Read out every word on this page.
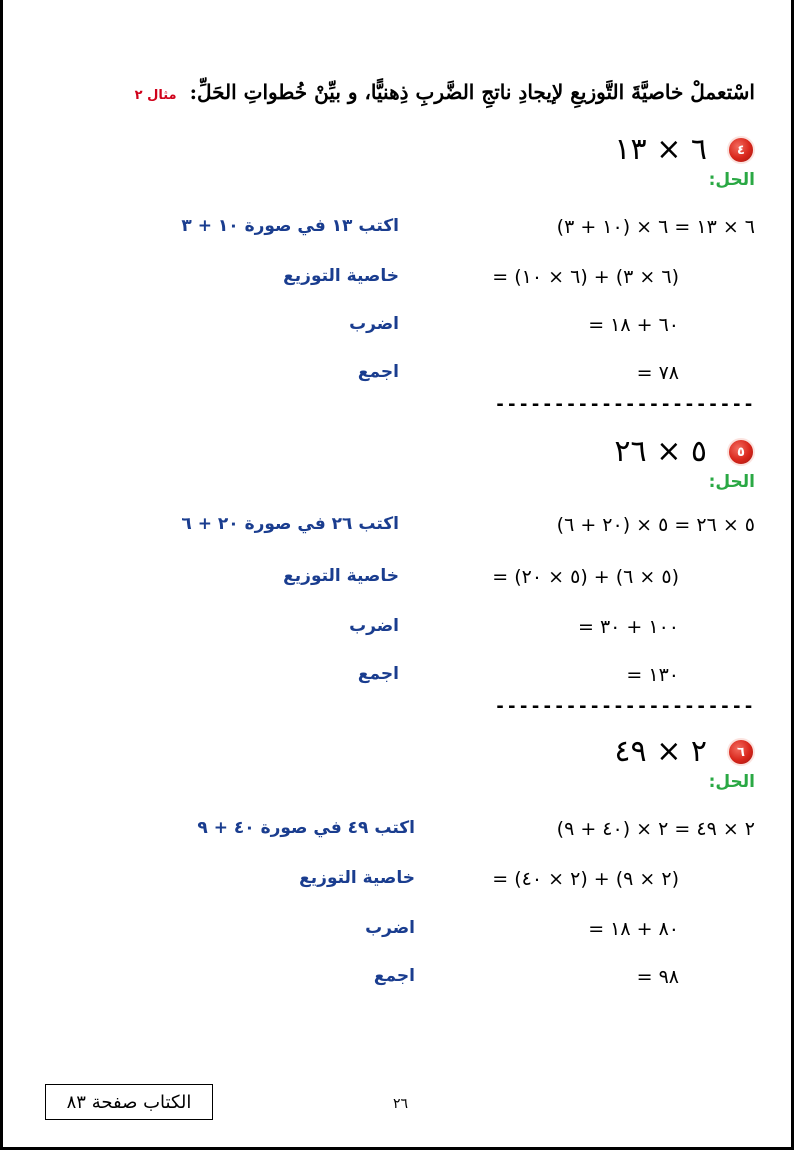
اسْتعملْ خاصيَّةَ التَّوزيعِ لإيجادِ ناتجِ الضَّربِ ذِهنيًّا، و بيِّنْ خُطواتِ الحَلِّ: مثال ٢
٤
٦ × ١٣
الحل:
٦ × ١٣ = ٦ × (١٠ + ٣)
اكتب ١٣ في صورة ١٠ + ٣
= (٦ × ١٠) + (٦ × ٣)
خاصية التوزيع
= ٦٠ + ١٨
اضرب
= ٧٨
اجمع
----------------------
٥
٥ × ٢٦
الحل:
٥ × ٢٦ = ٥ × (٢٠ + ٦)
اكتب ٢٦ في صورة ٢٠ + ٦
= (٥ × ٢٠) + (٥ × ٦)
خاصية التوزيع
= ١٠٠ + ٣٠
اضرب
= ١٣٠
اجمع
----------------------
٦
٢ × ٤٩
الحل:
٢ × ٤٩ = ٢ × (٤٠ + ٩)
اكتب ٤٩ في صورة ٤٠ + ٩
= (٢ × ٤٠) + (٢ × ٩)
خاصية التوزيع
= ٨٠ + ١٨
اضرب
= ٩٨
اجمع
الكتاب صفحة ٨٣	٢٦
